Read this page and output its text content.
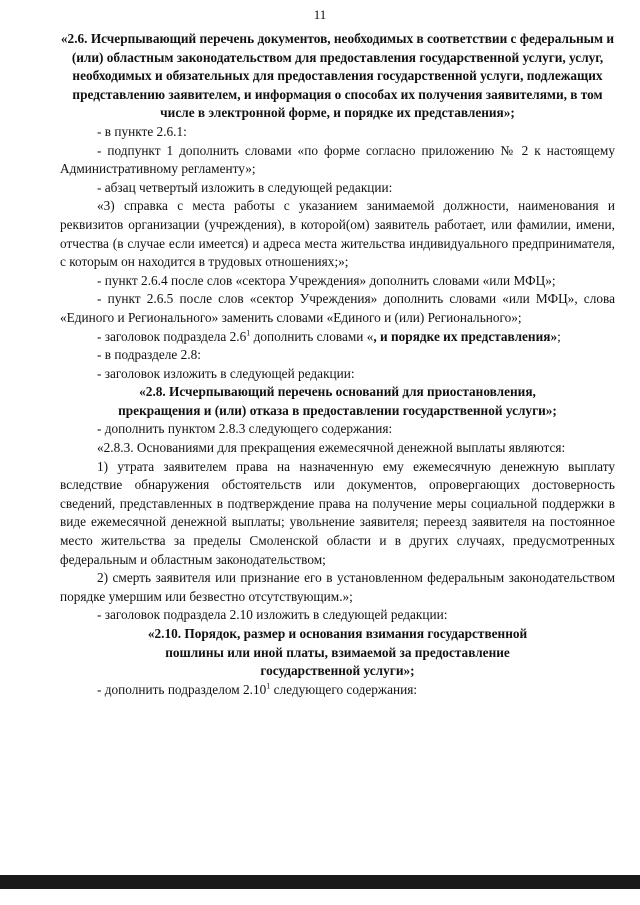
11

«2.6. Исчерпывающий перечень документов, необходимых в соответствии с федеральным и (или) областным законодательством для предоставления государственной услуги, услуг, необходимых и обязательных для предоставления государственной услуги, подлежащих представлению заявителем, и информация о способах их получения заявителями, в том числе в электронной форме, и порядке их представления»;

- в пункте 2.6.1:

- подпункт 1 дополнить словами «по форме согласно приложению № 2 к настоящему Административному регламенту»;

- абзац четвертый изложить в следующей редакции:

«3) справка с места работы с указанием занимаемой должности, наименования и реквизитов организации (учреждения), в которой(ом) заявитель работает, или фамилии, имени, отчества (в случае если имеется) и адреса места жительства индивидуального предпринимателя, с которым он находится в трудовых отношениях;»;

- пункт 2.6.4 после слов «сектора Учреждения» дополнить словами «или МФЦ»;

- пункт 2.6.5 после слов «сектор Учреждения» дополнить словами «или МФЦ», слова «Единого и Регионального» заменить словами «Единого и (или) Регионального»;

- заголовок подраздела $2.6^1$ дополнить словами «, и порядке их представления»;

- в подразделе 2.8:

- заголовок изложить в следующей редакции:

«2.8. Исчерпывающий перечень оснований для приостановления, прекращения и (или) отказа в предоставлении государственной услуги»;

- дополнить пунктом 2.8.3 следующего содержания:

«2.8.3. Основаниями для прекращения ежемесячной денежной выплаты являются:

1) утрата заявителем права на назначенную ему ежемесячную денежную выплату вследствие обнаружения обстоятельств или документов, опровергающих достоверность сведений, представленных в подтверждение права на получение меры социальной поддержки в виде ежемесячной денежной выплаты; увольнение заявителя; переезд заявителя на постоянное место жительства за пределы Смоленской области и в других случаях, предусмотренных федеральным и областным законодательством;

2) смерть заявителя или признание его в установленном федеральным законодательством порядке умершим или безвестно отсутствующим.»;

- заголовок подраздела 2.10 изложить в следующей редакции:

«2.10. Порядок, размер и основания взимания государственной пошлины или иной платы, взимаемой за предоставление государственной услуги»;

- дополнить подразделом 2.10$^1$ следующего содержания:
